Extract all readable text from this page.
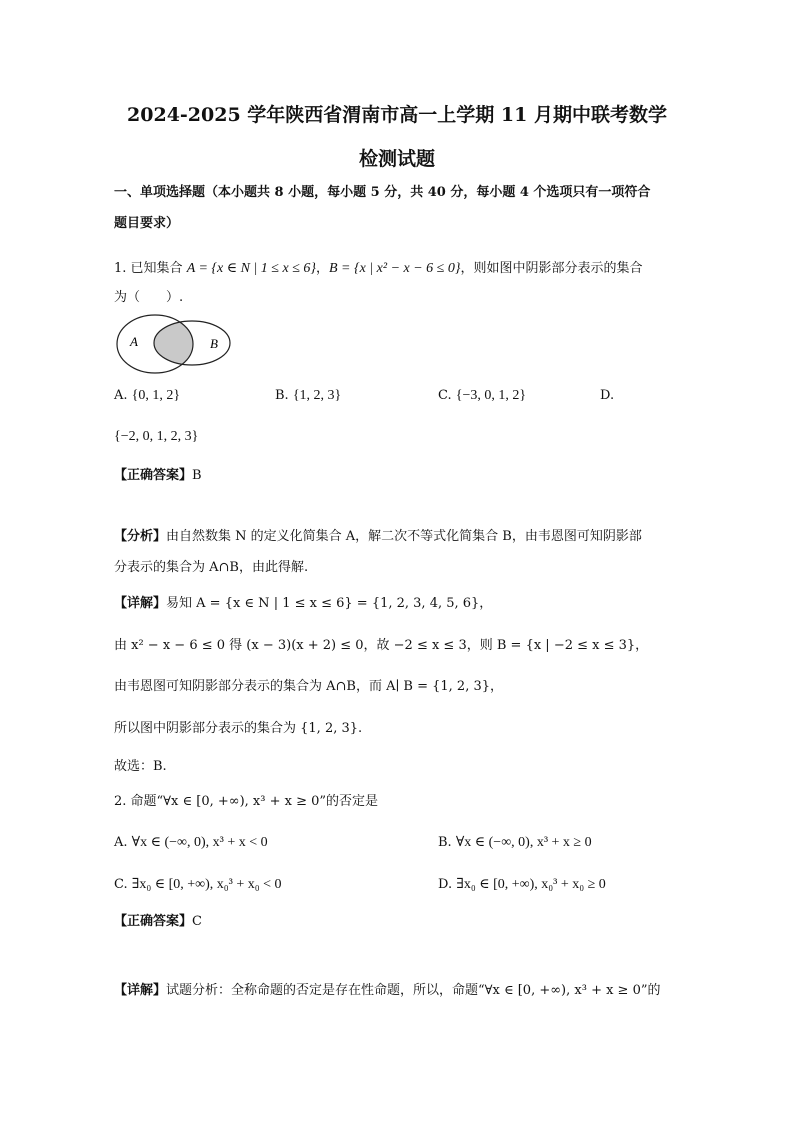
2024-2025 学年陕西省渭南市高一上学期 11 月期中联考数学
检测试题
一、单项选择题（本小题共 8 小题，每小题 5 分，共 40 分，每小题 4 个选项只有一项符合
题目要求）
1. 已知集合 A = {x ∈ N | 1 ≤ x ≤ 6}，B = {x | x² − x − 6 ≤ 0}，则如图中阴影部分表示的集合
为（　　）.
A	B
A. {0, 1, 2}	B. {1, 2, 3}	C. {−3, 0, 1, 2}	D.
{−2, 0, 1, 2, 3}
【正确答案】B
【分析】由自然数集 N 的定义化简集合 A，解二次不等式化简集合 B，由韦恩图可知阴影部
分表示的集合为 A∩B，由此得解.
【详解】易知 A = {x ∈ N | 1 ≤ x ≤ 6} = {1, 2, 3, 4, 5, 6}，
由 x² − x − 6 ≤ 0 得 (x − 3)(x + 2) ≤ 0，故 −2 ≤ x ≤ 3，则 B = {x | −2 ≤ x ≤ 3}，
由韦恩图可知阴影部分表示的集合为 A∩B，而 A∣ B = {1, 2, 3}，
所以图中阴影部分表示的集合为 {1, 2, 3}.
故选：B.
2. 命题“∀x ∈ [0, +∞), x³ + x ≥ 0”的否定是
A. ∀x ∈ (−∞, 0), x³ + x < 0	B. ∀x ∈ (−∞, 0), x³ + x ≥ 0
C. ∃x₀ ∈ [0, +∞), x₀³ + x₀ < 0	D. ∃x₀ ∈ [0, +∞), x₀³ + x₀ ≥ 0
【正确答案】C
【详解】试题分析：全称命题的否定是存在性命题，所以，命题“∀x ∈ [0, +∞), x³ + x ≥ 0”的
